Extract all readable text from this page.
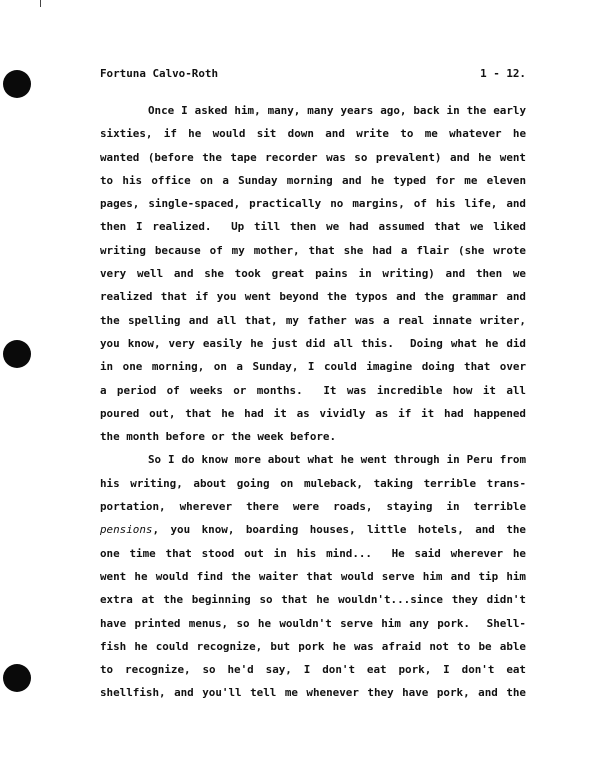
Fortuna Calvo-Roth	1 - 12.
Once I asked him, many, many years ago, back in the early
sixties, if he would sit down and write to me whatever he
wanted (before the tape recorder was so prevalent) and he went
to his office on a Sunday morning and he typed for me eleven
pages, single-spaced, practically no margins, of his life, and
then I realized.  Up till then we had assumed that we liked
writing because of my mother, that she had a flair (she wrote
very well and she took great pains in writing) and then we
realized that if you went beyond the typos and the grammar and
the spelling and all that, my father was a real innate writer,
you know, very easily he just did all this.  Doing what he did
in one morning, on a Sunday, I could imagine doing that over
a period of weeks or months.  It was incredible how it all
poured out, that he had it as vividly as if it had happened
the month before or the week before.
So I do know more about what he went through in Peru from
his writing, about going on muleback, taking terrible trans-
portation, wherever there were roads, staying in terrible
pensions, you know, boarding houses, little hotels, and the
one time that stood out in his mind...  He said wherever he
went he would find the waiter that would serve him and tip him
extra at the beginning so that he wouldn't...since they didn't
have printed menus, so he wouldn't serve him any pork.  Shell-
fish he could recognize, but pork he was afraid not to be able
to recognize, so he'd say, I don't eat pork, I don't eat
shellfish, and you'll tell me whenever they have pork, and the
